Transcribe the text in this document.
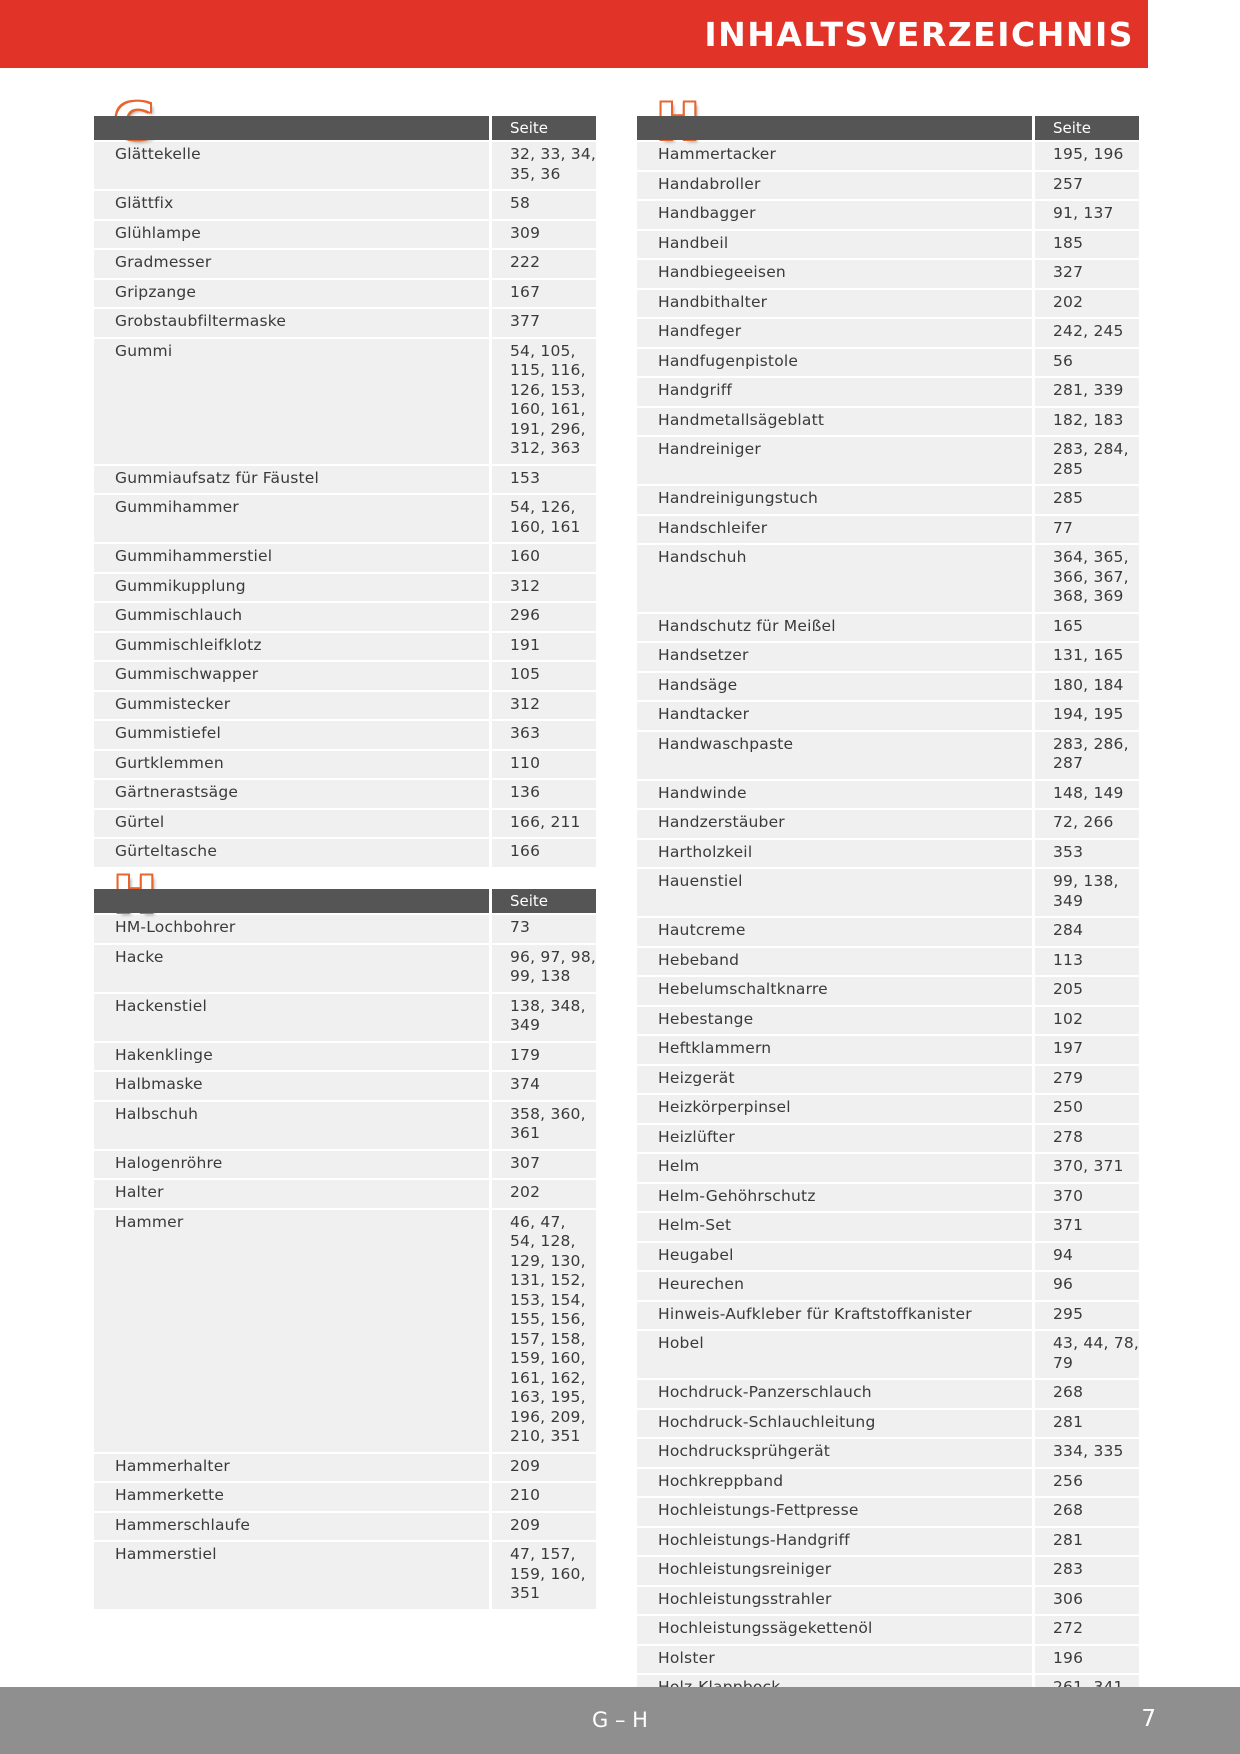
INHALTSVERZEICHNIS
Seite
Glättekelle	32, 33, 34,
35, 36
Glättfix	58
Glühlampe	309
Gradmesser	222
Gripzange	167
Grobstaubfiltermaske	377
Gummi	54, 105,
115, 116,
126, 153,
160, 161,
191, 296,
312, 363
Gummiaufsatz für Fäustel	153
Gummihammer	54, 126,
160, 161
Gummihammerstiel	160
Gummikupplung	312
Gummischlauch	296
Gummischleifklotz	191
Gummischwapper	105
Gummistecker	312
Gummistiefel	363
Gurtklemmen	110
Gärtnerastsäge	136
Gürtel	166, 211
Gürteltasche	166
Seite
HM-Lochbohrer	73
Hacke	96, 97, 98,
99, 138
Hackenstiel	138, 348,
349
Hakenklinge	179
Halbmaske	374
Halbschuh	358, 360,
361
Halogenröhre	307
Halter	202
Hammer	46, 47,
54, 128,
129, 130,
131, 152,
153, 154,
155, 156,
157, 158,
159, 160,
161, 162,
163, 195,
196, 209,
210, 351
Hammerhalter	209
Hammerkette	210
Hammerschlaufe	209
Hammerstiel	47, 157,
159, 160,
351
Seite
Hammertacker	195, 196
Handabroller	257
Handbagger	91, 137
Handbeil	185
Handbiegeeisen	327
Handbithalter	202
Handfeger	242, 245
Handfugenpistole	56
Handgriff	281, 339
Handmetallsägeblatt	182, 183
Handreiniger	283, 284,
285
Handreinigungstuch	285
Handschleifer	77
Handschuh	364, 365,
366, 367,
368, 369
Handschutz für Meißel	165
Handsetzer	131, 165
Handsäge	180, 184
Handtacker	194, 195
Handwaschpaste	283, 286,
287
Handwinde	148, 149
Handzerstäuber	72, 266
Hartholzkeil	353
Hauenstiel	99, 138, 349
Hautcreme	284
Hebeband	113
Hebelumschaltknarre	205
Hebestange	102
Heftklammern	197
Heizgerät	279
Heizkörperpinsel	250
Heizlüfter	278
Helm	370, 371
Helm-Gehöhrschutz	370
Helm-Set	371
Heugabel	94
Heurechen	96
Hinweis-Aufkleber für Kraftstoffkanister	295
Hobel	43, 44, 78,
79
Hochdruck-Panzerschlauch	268
Hochdruck-Schlauchleitung	281
Hochdrucksprühgerät	334, 335
Hochkreppband	256
Hochleistungs-Fettpresse	268
Hochleistungs-Handgriff	281
Hochleistungsreiniger	283
Hochleistungsstrahler	306
Hochleistungssägekettenöl	272
Holster	196
G – H	7
